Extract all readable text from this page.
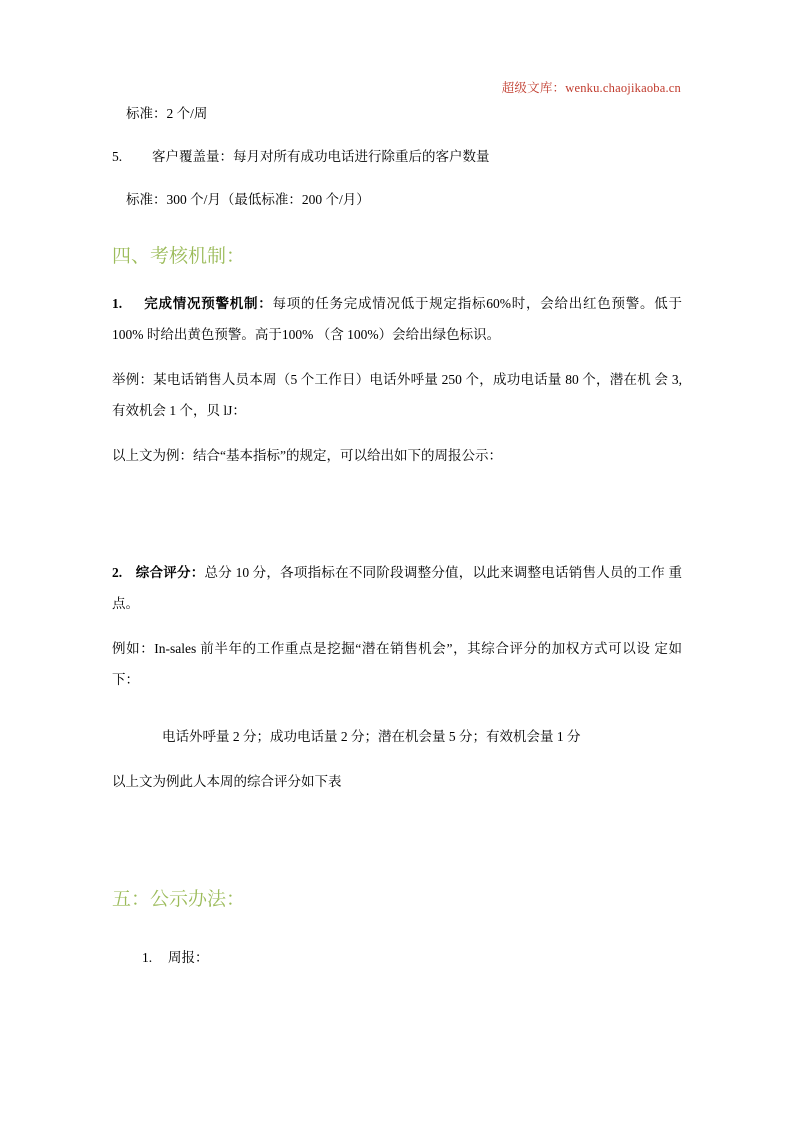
超级文库：wenku.chaojikaoba.cn

标准：2 个/周

5. 客户覆盖量：每月对所有成功电话进行除重后的客户数量

标准：300 个/月（最低标准：200 个/月）

四、考核机制：

1. 完成情况预警机制：每项的任务完成情况低于规定指标60%时，会给出红色预警。低于 100% 时给出黄色预警。高于100% （含 100%）会给出绿色标识。

举例：某电话销售人员本周（5 个工作日）电话外呼量 250 个，成功电话量 80 个，潜在机 会 3,有效机会 1 个，贝 lJ：

以上文为例：结合“基本指标”的规定，可以给出如下的周报公示：

2. 综合评分：总分 10 分，各项指标在不同阶段调整分值，以此来调整电话销售人员的工作 重点。

例如：In-sales 前半年的工作重点是挖掘“潜在销售机会”，其综合评分的加权方式可以设 定如下：

电话外呼量 2 分；成功电话量 2 分；潜在机会量 5 分；有效机会量 1 分

以上文为例此人本周的综合评分如下表

五：公示办法：

1. 周报：
